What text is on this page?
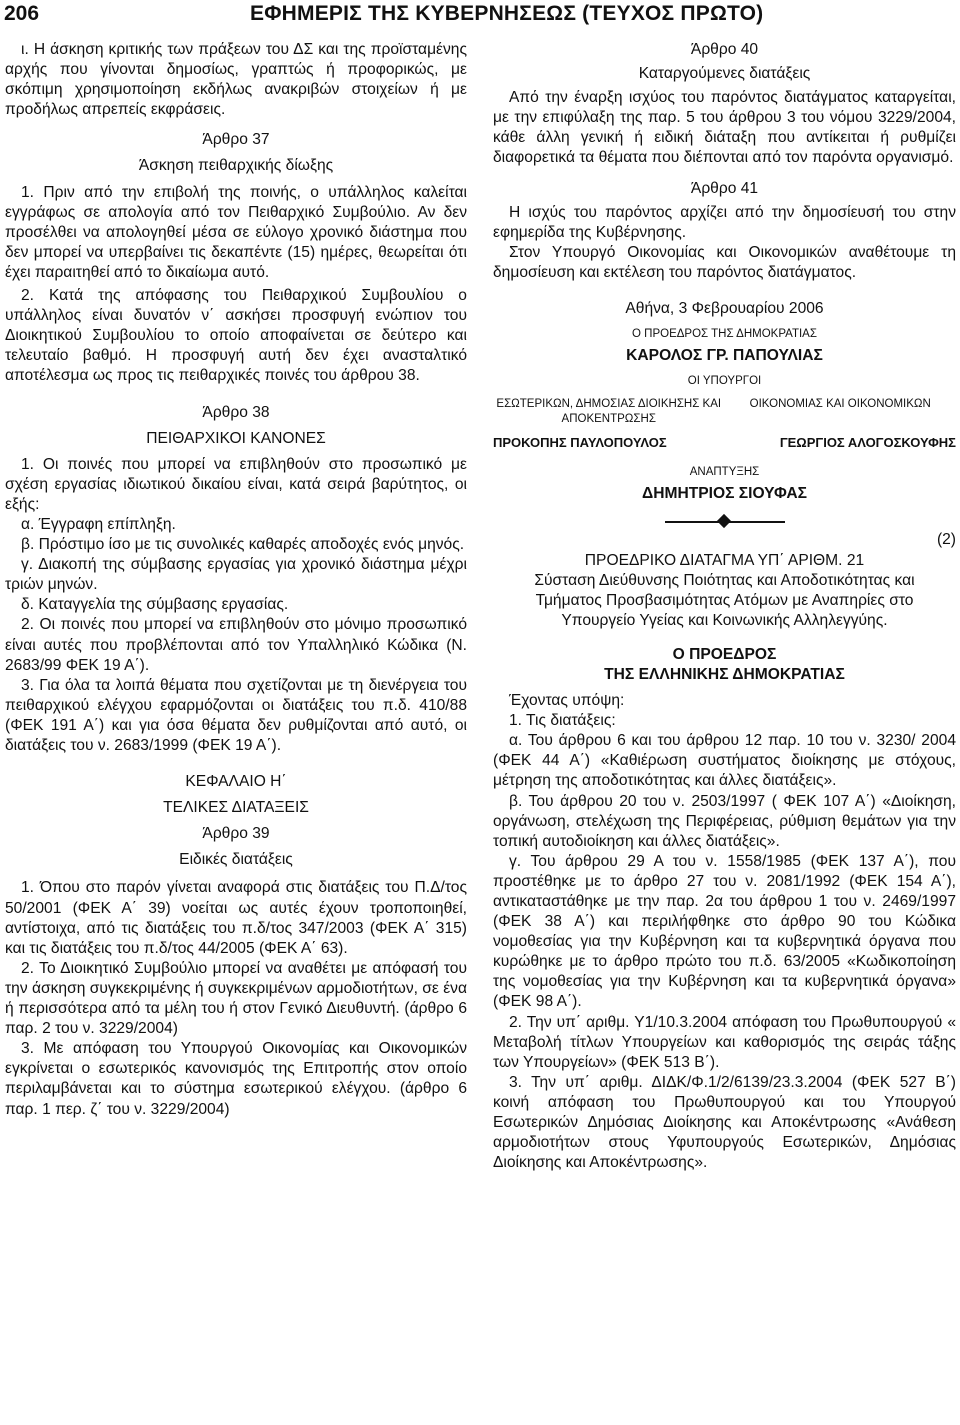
206	ΕΦΗΜΕΡΙΣ ΤΗΣ ΚΥΒΕΡΝΗΣΕΩΣ (ΤΕΥΧΟΣ ΠΡΩΤΟ)

ι. Η άσκηση κριτικής των πράξεων του ΔΣ και της προϊσταμένης αρχής που γίνονται δημοσίως, γραπτώς ή προφορικώς, με σκόπιμη χρησιμοποίηση εκδήλως ανακριβών στοιχείων ή με προδήλως απρεπείς εκφράσεις.

Άρθρο 37

Άσκηση πειθαρχικής δίωξης

1. Πριν από την επιβολή της ποινής, ο υπάλληλος καλείται εγγράφως σε απολογία από τον Πειθαρχικό Συμβούλιο. Αν δεν προσέλθει να απολογηθεί μέσα σε εύλογο χρονικό διάστημα που δεν μπορεί να υπερβαίνει τις δεκαπέντε (15) ημέρες, θεωρείται ότι έχει παραιτηθεί από το δικαίωμα αυτό.

2. Κατά της απόφασης του Πειθαρχικού Συμβουλίου ο υπάλληλος είναι δυνατόν ν΄ ασκήσει προσφυγή ενώπιον του Διοικητικού Συμβουλίου το οποίο αποφαίνεται σε δεύτερο και τελευταίο βαθμό. Η προσφυγή αυτή δεν έχει ανασταλτικό αποτέλεσμα ως προς τις πειθαρχικές ποινές του άρθρου 38.

Άρθρο 38

ΠΕΙΘΑΡΧΙΚΟΙ ΚΑΝΟΝΕΣ

1. Οι ποινές που μπορεί να επιβληθούν στο προσωπικό με σχέση εργασίας ιδιωτικού δικαίου είναι, κατά σειρά βαρύτητος, οι εξής:

α. Έγγραφη επίπληξη.

β. Πρόστιμο ίσο με τις συνολικές καθαρές αποδοχές ενός μηνός.

γ. Διακοπή της σύμβασης εργασίας για χρονικό διάστημα μέχρι τριών μηνών.

δ. Καταγγελία της σύμβασης εργασίας.

2. Οι ποινές που μπορεί να επιβληθούν στο μόνιμο προσωπικό είναι αυτές που προβλέπονται από τον Υπαλληλικό Κώδικα (Ν. 2683/99 ΦΕΚ 19 Α΄).

3. Για όλα τα λοιπά θέματα που σχετίζονται με τη διενέργεια του πειθαρχικού ελέγχου εφαρμόζονται οι διατάξεις του π.δ. 410/88 (ΦΕΚ 191 Α΄) και για όσα θέματα δεν ρυθμίζονται από αυτό, οι διατάξεις του ν. 2683/1999 (ΦΕΚ 19 Α΄).

ΚΕΦΑΛΑΙΟ Η΄

ΤΕΛΙΚΕΣ ΔΙΑΤΑΞΕΙΣ

Άρθρο 39

Ειδικές διατάξεις

1. Όπου στο παρόν γίνεται αναφορά στις διατάξεις του Π.Δ/τος 50/2001 (ΦΕΚ Α΄ 39) νοείται ως αυτές έχουν τροποποιηθεί, αντίστοιχα, από τις διατάξεις του π.δ/τος 347/2003 (ΦΕΚ Α΄ 315) και τις διατάξεις του π.δ/τος 44/2005 (ΦΕΚ Α΄ 63).

2. Το Διοικητικό Συμβούλιο μπορεί να αναθέτει με απόφασή του την άσκηση συγκεκριμένης ή συγκεκριμένων αρμοδιοτήτων, σε ένα ή περισσότερα από τα μέλη του ή στον Γενικό Διευθυντή. (άρθρο 6 παρ. 2 του ν. 3229/2004)

3. Με απόφαση του Υπουργού Οικονομίας και Οικονομικών εγκρίνεται ο εσωτερικός κανονισμός της Επιτροπής στον οποίο περιλαμβάνεται και το σύστημα εσωτερικού ελέγχου. (άρθρο 6 παρ. 1 περ. ζ΄ του ν. 3229/2004)

Άρθρο 40

Καταργούμενες διατάξεις

Από την έναρξη ισχύος του παρόντος διατάγματος καταργείται, με την επιφύλαξη της παρ. 5 του άρθρου 3 του νόμου 3229/2004, κάθε άλλη γενική ή ειδική διάταξη που αντίκειται ή ρυθμίζει διαφορετικά τα θέματα που διέπονται από τον παρόντα οργανισμό.

Άρθρο 41

Η ισχύς του παρόντος αρχίζει από την δημοσίευσή του στην εφημερίδα της Κυβέρνησης.

Στον Υπουργό Οικονομίας και Οικονομικών αναθέτουμε τη δημοσίευση και εκτέλεση του παρόντος διατάγματος.

Αθήνα, 3 Φεβρουαρίου 2006

Ο ΠΡΟΕΔΡΟΣ ΤΗΣ ΔΗΜΟΚΡΑΤΙΑΣ

ΚΑΡΟΛΟΣ ΓΡ. ΠΑΠΟΥΛΙΑΣ

ΟΙ ΥΠΟΥΡΓΟΙ

ΕΣΩΤΕΡΙΚΩΝ, ΔΗΜΟΣΙΑΣ ΔΙΟΙΚΗΣΗΣ ΚΑΙ ΑΠΟΚΕΝΤΡΩΣΗΣ
ΟΙΚΟΝΟΜΙΑΣ ΚΑΙ ΟΙΚΟΝΟΜΙΚΩΝ
ΠΡΟΚΟΠΗΣ ΠΑΥΛΟΠΟΥΛΟΣ	ΓΕΩΡΓΙΟΣ ΑΛΟΓΟΣΚΟΥΦΗΣ

ΑΝΑΠΤΥΞΗΣ

ΔΗΜΗΤΡΙΟΣ ΣΙΟΥΦΑΣ

(2)

ΠΡΟΕΔΡΙΚΟ ΔΙΑΤΑΓΜΑ ΥΠ΄ ΑΡΙΘΜ. 21

Σύσταση Διεύθυνσης Ποιότητας και Αποδοτικότητας και Τμήματος Προσβασιμότητας Ατόμων με Αναπηρίες στο Υπουργείο Υγείας και Κοινωνικής Αλληλεγγύης.

Ο ΠΡΟΕΔΡΟΣ

ΤΗΣ ΕΛΛΗΝΙΚΗΣ ΔΗΜΟΚΡΑΤΙΑΣ

Έχοντας υπόψη:

1. Τις διατάξεις:

α. Του άρθρου 6 και του άρθρου 12 παρ. 10 του ν. 3230/ 2004 (ΦΕΚ 44 Α΄) «Καθιέρωση συστήματος διοίκησης με στόχους, μέτρηση της αποδοτικότητας και άλλες διατάξεις».

β. Του άρθρου 20 του ν. 2503/1997 ( ΦΕΚ 107 Α΄) «Διοίκηση, οργάνωση, στελέχωση της Περιφέρειας, ρύθμιση θεμάτων για την τοπική αυτοδιοίκηση και άλλες διατάξεις».

γ. Του άρθρου 29 Α του ν. 1558/1985 (ΦΕΚ 137 Α΄), που προστέθηκε με το άρθρο 27 του ν. 2081/1992 (ΦΕΚ 154 Α΄), αντικαταστάθηκε με την παρ. 2α του άρθρου 1 του ν. 2469/1997 (ΦΕΚ 38 Α΄) και περιλήφθηκε στο άρθρο 90 του Κώδικα νομοθεσίας για την Κυβέρνηση και τα κυβερνητικά όργανα που κυρώθηκε με το άρθρο πρώτο του π.δ. 63/2005 «Κωδικοποίηση της νομοθεσίας για την Κυβέρνηση και τα κυβερνητικά όργανα» (ΦΕΚ 98 Α΄).

2. Την υπ΄ αριθμ. Υ1/10.3.2004 απόφαση του Πρωθυπουργού « Μεταβολή τίτλων Υπουργείων και καθορισμός της σειράς τάξης των Υπουργείων» (ΦΕΚ 513 Β΄).

3. Την υπ΄ αριθμ. ΔΙΔΚ/Φ.1/2/6139/23.3.2004 (ΦΕΚ 527 Β΄) κοινή απόφαση του Πρωθυπουργού και του Υπουργού Εσωτερικών Δημόσιας Διοίκησης και Αποκέντρωσης «Ανάθεση αρμοδιοτήτων στους Υφυπουργούς Εσωτερικών, Δημόσιας Διοίκησης και Αποκέντρωσης».
